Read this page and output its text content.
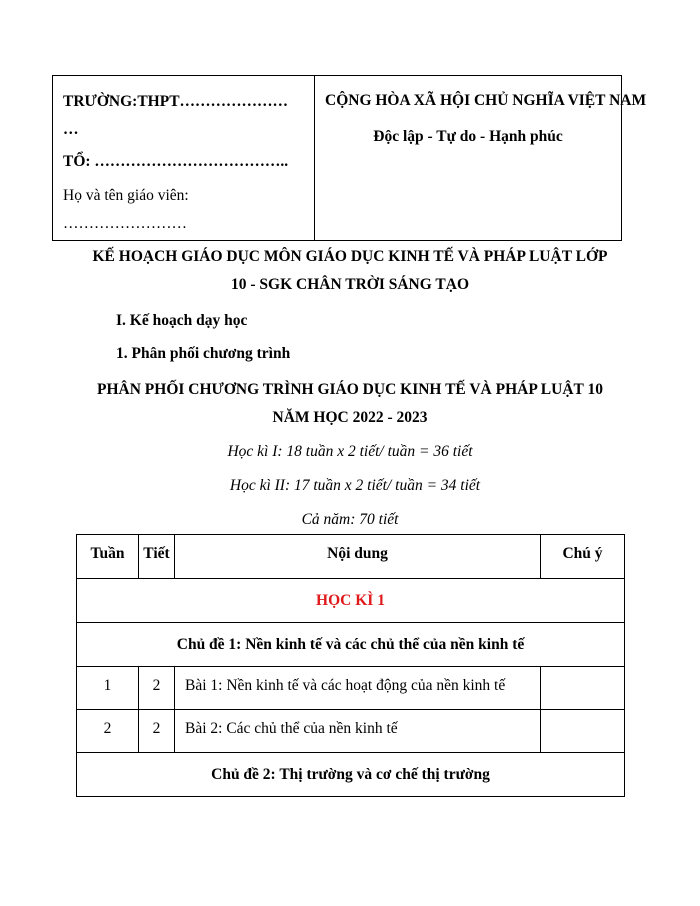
TRƯỜNG:THPT…………………
…
TỔ: ………………………………..
Họ và tên giáo viên:
……………………
CỘNG HÒA XÃ HỘI CHỦ NGHĨA VIỆT NAM
Độc lập - Tự do - Hạnh phúc
KẾ HOẠCH GIÁO DỤC MÔN GIÁO DỤC KINH TẾ VÀ PHÁP LUẬT LỚP
10 - SGK CHÂN TRỜI SÁNG TẠO
I. Kế hoạch dạy học
1. Phân phối chương trình
PHÂN PHỐI CHƯƠNG TRÌNH GIÁO DỤC KINH TẾ VÀ PHÁP LUẬT 10
NĂM HỌC 2022 - 2023
Học kì I: 18 tuần x 2 tiết/ tuần = 36 tiết
Học kì II: 17 tuần x 2 tiết/ tuần = 34 tiết
Cả năm: 70 tiết
Tuần	Tiết	Nội dung	Chú ý
HỌC KÌ 1			
Chủ đề 1: Nền kinh tế và các chủ thể của nền kinh tế			
1	2	Bài 1: Nền kinh tế và các hoạt động của nền kinh tế	
2	2	Bài 2: Các chủ thể của nền kinh tế	
Chủ đề 2: Thị trường và cơ chế thị trường			
